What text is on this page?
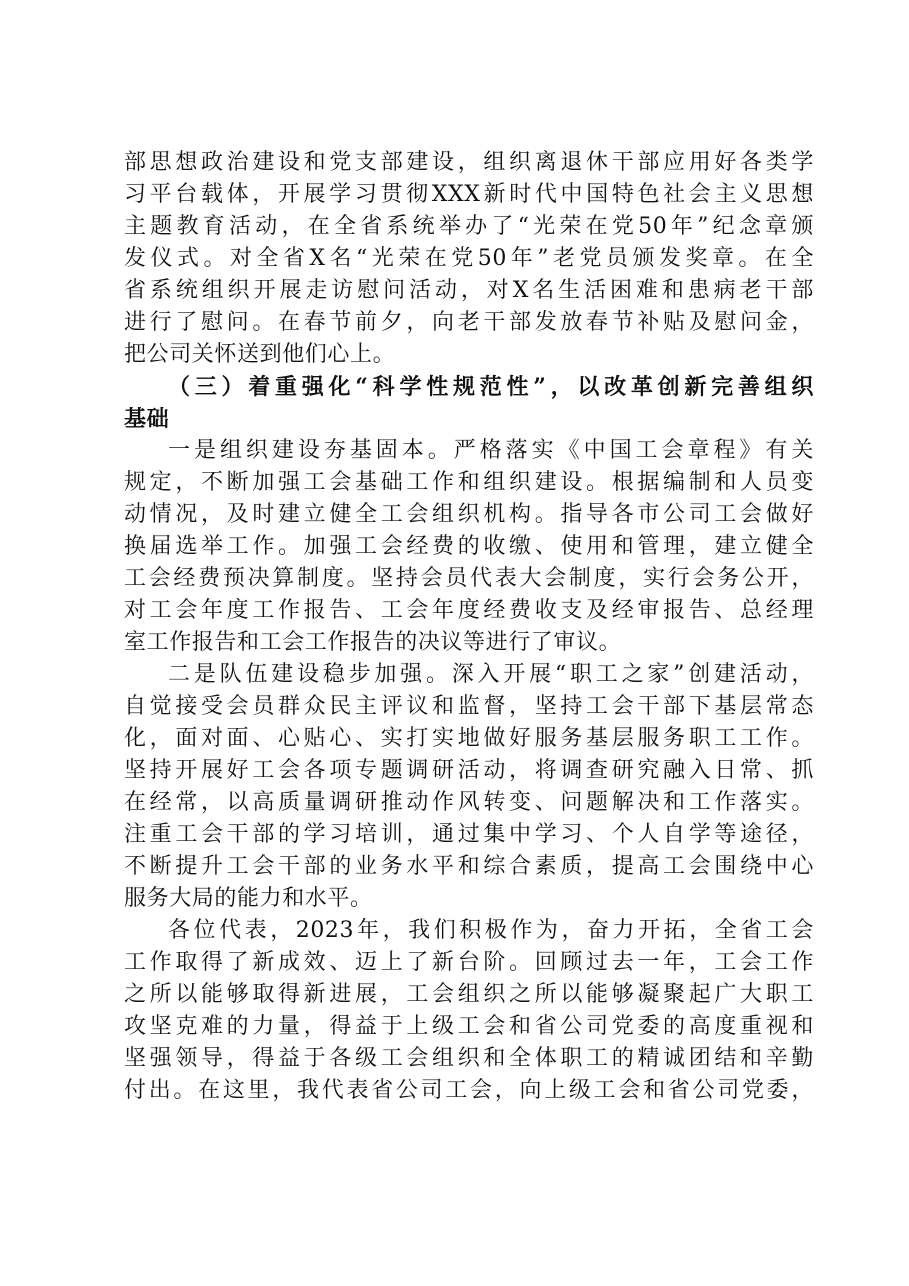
部思想政治建设和党支部建设，组织离退休干部应用好各类学
习平台载体，开展学习贯彻XXX新时代中国特色社会主义思想
主题教育活动，在全省系统举办了“光荣在党50年”纪念章颁
发仪式。对全省X名“光荣在党50年”老党员颁发奖章。在全
省系统组织开展走访慰问活动，对X名生活困难和患病老干部
进行了慰问。在春节前夕，向老干部发放春节补贴及慰问金，
把公司关怀送到他们心上。
（三）着重强化“科学性规范性”，以改革创新完善组织
基础
一是组织建设夯基固本。严格落实《中国工会章程》有关
规定，不断加强工会基础工作和组织建设。根据编制和人员变
动情况，及时建立健全工会组织机构。指导各市公司工会做好
换届选举工作。加强工会经费的收缴、使用和管理，建立健全
工会经费预决算制度。坚持会员代表大会制度，实行会务公开，
对工会年度工作报告、工会年度经费收支及经审报告、总经理
室工作报告和工会工作报告的决议等进行了审议。
二是队伍建设稳步加强。深入开展“职工之家”创建活动，
自觉接受会员群众民主评议和监督，坚持工会干部下基层常态
化，面对面、心贴心、实打实地做好服务基层服务职工工作。
坚持开展好工会各项专题调研活动，将调查研究融入日常、抓
在经常，以高质量调研推动作风转变、问题解决和工作落实。
注重工会干部的学习培训，通过集中学习、个人自学等途径，
不断提升工会干部的业务水平和综合素质，提高工会围绕中心
服务大局的能力和水平。
各位代表，2023年，我们积极作为，奋力开拓，全省工会
工作取得了新成效、迈上了新台阶。回顾过去一年，工会工作
之所以能够取得新进展，工会组织之所以能够凝聚起广大职工
攻坚克难的力量，得益于上级工会和省公司党委的高度重视和
坚强领导，得益于各级工会组织和全体职工的精诚团结和辛勤
付出。在这里，我代表省公司工会，向上级工会和省公司党委，
